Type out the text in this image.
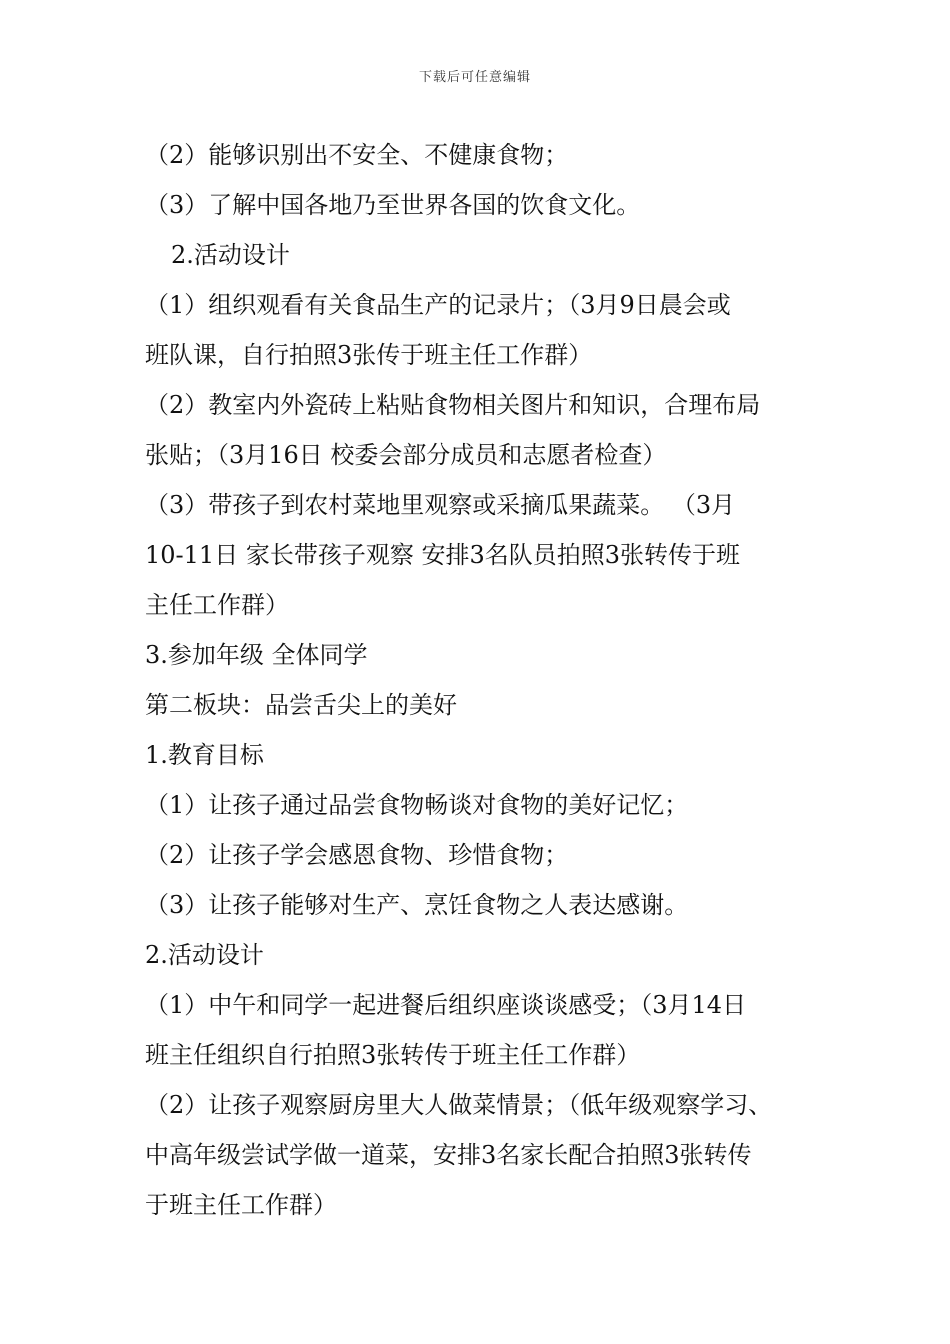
下载后可任意编辑
（2）能够识别出不安全、不健康食物；
（3）了解中国各地乃至世界各国的饮食文化。
2.活动设计
（1）组织观看有关食品生产的记录片；（3月9日晨会或
班队课，自行拍照3张传于班主任工作群）
（2）教室内外瓷砖上粘贴食物相关图片和知识，合理布局
张贴；（3月16日 校委会部分成员和志愿者检查）
（3）带孩子到农村菜地里观察或采摘瓜果蔬菜。 （3月
10-11日 家长带孩子观察 安排3名队员拍照3张转传于班
主任工作群）
3.参加年级 全体同学
第二板块：品尝舌尖上的美好
1.教育目标
（1）让孩子通过品尝食物畅谈对食物的美好记忆；
（2）让孩子学会感恩食物、珍惜食物；
（3）让孩子能够对生产、烹饪食物之人表达感谢。
2.活动设计
（1）中午和同学一起进餐后组织座谈谈感受；（3月14日
班主任组织自行拍照3张转传于班主任工作群）
（2）让孩子观察厨房里大人做菜情景；（低年级观察学习、
中高年级尝试学做一道菜，安排3名家长配合拍照3张转传
于班主任工作群）
